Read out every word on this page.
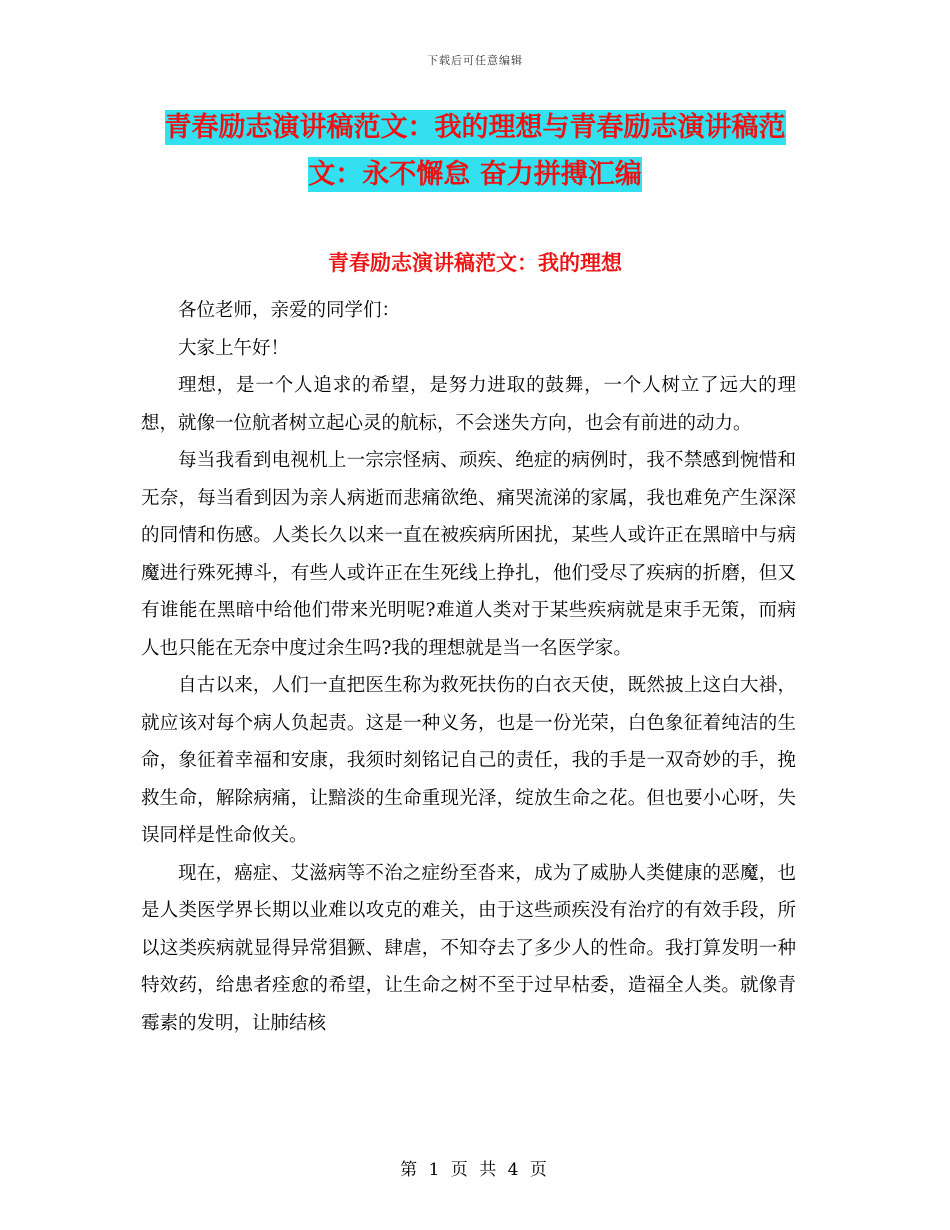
下载后可任意编辑
青春励志演讲稿范文：我的理想与青春励志演讲稿范
文：永不懈怠 奋力拼搏汇编
青春励志演讲稿范文：我的理想

各位老师，亲爱的同学们：

大家上午好！

理想，是一个人追求的希望，是努力进取的鼓舞，一个人树立了远大的理想，就像一位航者树立起心灵的航标，不会迷失方向，也会有前进的动力。

每当我看到电视机上一宗宗怪病、顽疾、绝症的病例时，我不禁感到惋惜和无奈，每当看到因为亲人病逝而悲痛欲绝、痛哭流涕的家属，我也难免产生深深的同情和伤感。人类长久以来一直在被疾病所困扰，某些人或许正在黑暗中与病魔进行殊死搏斗，有些人或许正在生死线上挣扎，他们受尽了疾病的折磨，但又有谁能在黑暗中给他们带来光明呢?难道人类对于某些疾病就是束手无策，而病人也只能在无奈中度过余生吗?我的理想就是当一名医学家。

自古以来，人们一直把医生称为救死扶伤的白衣天使，既然披上这白大褂，就应该对每个病人负起责。这是一种义务，也是一份光荣，白色象征着纯洁的生命，象征着幸福和安康，我须时刻铭记自己的责任，我的手是一双奇妙的手，挽救生命，解除病痛，让黯淡的生命重现光泽，绽放生命之花。但也要小心呀，失误同样是性命攸关。

现在，癌症、艾滋病等不治之症纷至沓来，成为了威胁人类健康的恶魔，也是人类医学界长期以业难以攻克的难关，由于这些顽疾没有治疗的有效手段，所以这类疾病就显得异常猖獗、肆虐，不知夺去了多少人的性命。我打算发明一种特效药，给患者痊愈的希望，让生命之树不至于过早枯委，造福全人类。就像青霉素的发明，让肺结核

第 1 页 共 4 页
